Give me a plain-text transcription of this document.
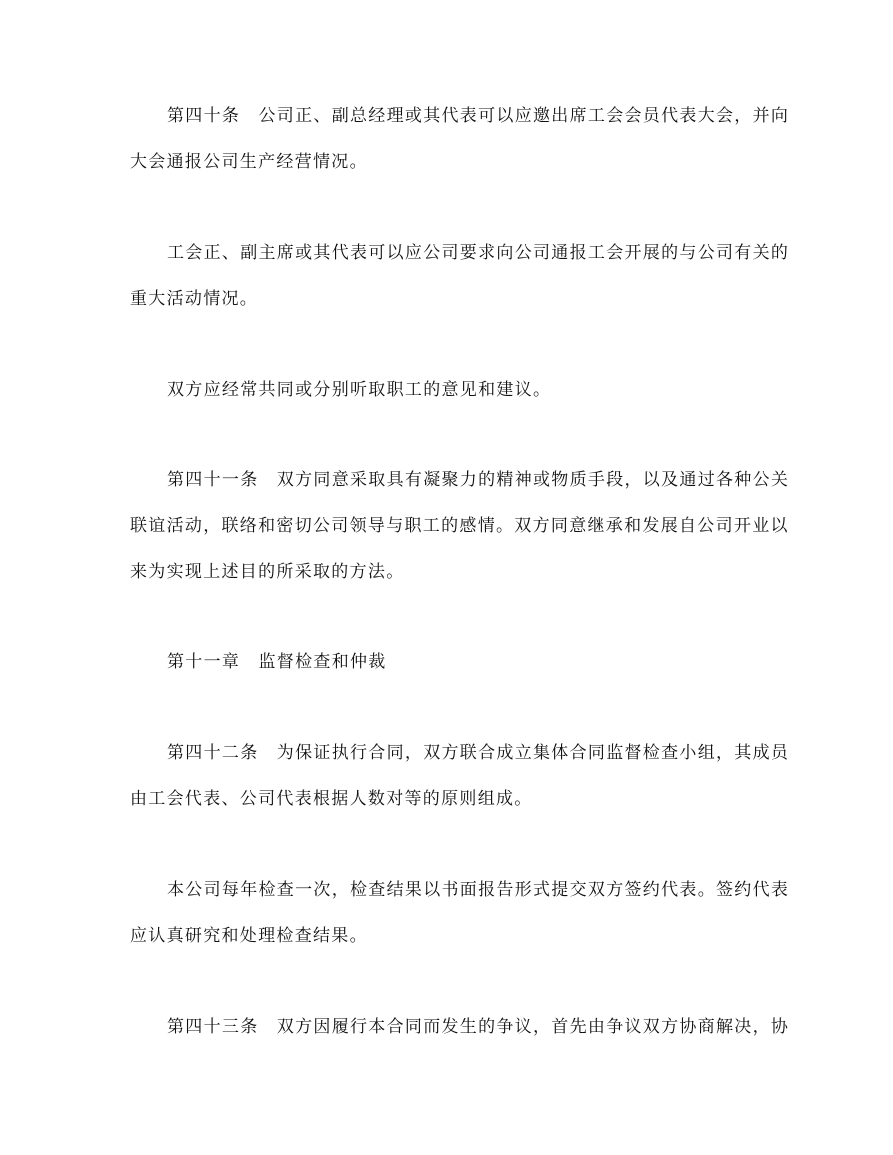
第四十条　公司正、副总经理或其代表可以应邀出席工会会员代表大会，并向
大会通报公司生产经营情况。

工会正、副主席或其代表可以应公司要求向公司通报工会开展的与公司有关的
重大活动情况。

双方应经常共同或分别听取职工的意见和建议。

第四十一条　双方同意采取具有凝聚力的精神或物质手段，以及通过各种公关
联谊活动，联络和密切公司领导与职工的感情。双方同意继承和发展自公司开业以
来为实现上述目的所采取的方法。

第十一章　监督检查和仲裁

第四十二条　为保证执行合同，双方联合成立集体合同监督检查小组，其成员
由工会代表、公司代表根据人数对等的原则组成。

本公司每年检查一次，检查结果以书面报告形式提交双方签约代表。签约代表
应认真研究和处理检查结果。

第四十三条　双方因履行本合同而发生的争议，首先由争议双方协商解决，协
